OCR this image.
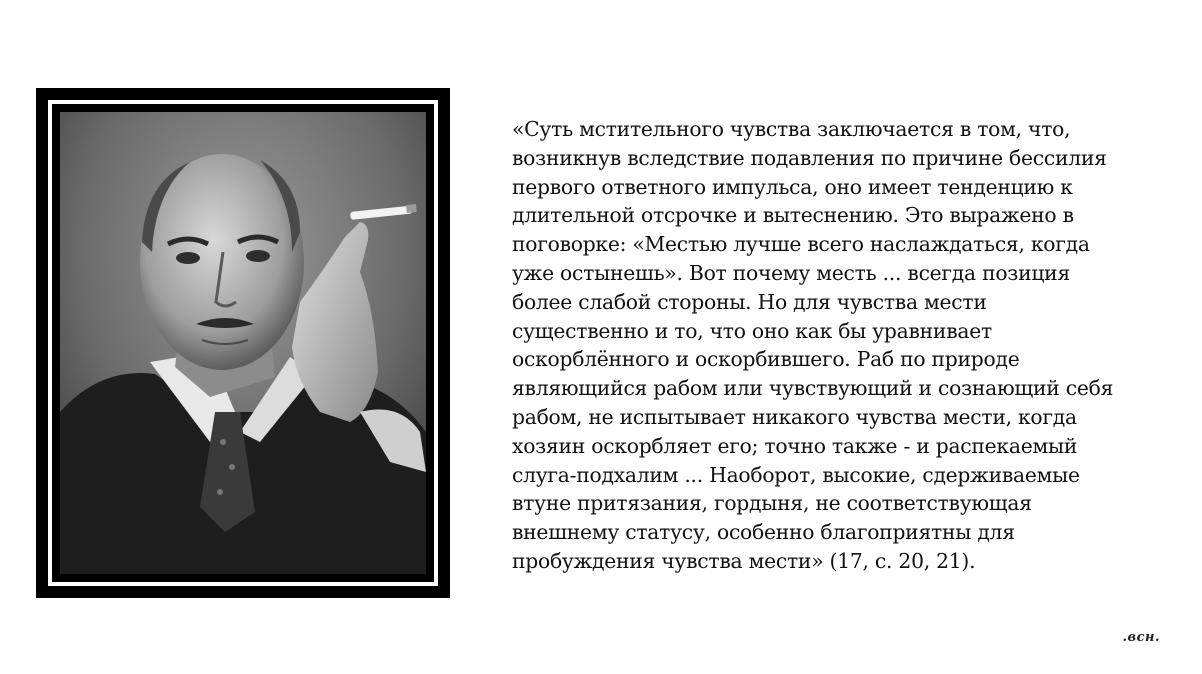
«Суть мстительного чувства заключается в том, что,
возникнув вследствие подавления по причине бессилия
первого ответного импульса, оно имеет тенденцию к
длительной отсрочке и вытеснению. Это выражено в
поговорке: «Местью лучше всего наслаждаться, когда
уже остынешь». Вот почему месть ... всегда позиция
более слабой стороны. Но для чувства мести
существенно и то, что оно как бы уравнивает
оскорблённого и оскорбившего. Раб по природе
являющийся рабом или чувствующий и сознающий себя
рабом, не испытывает никакого чувства мести, когда
хозяин оскорбляет его; точно также - и распекаемый
слуга-подхалим ... Наоборот, высокие, сдерживаемые
втуне притязания, гордыня, не соответствующая
внешнему статусу, особенно благоприятны для
пробуждения чувства мести» (17, с. 20, 21).

.всн.
